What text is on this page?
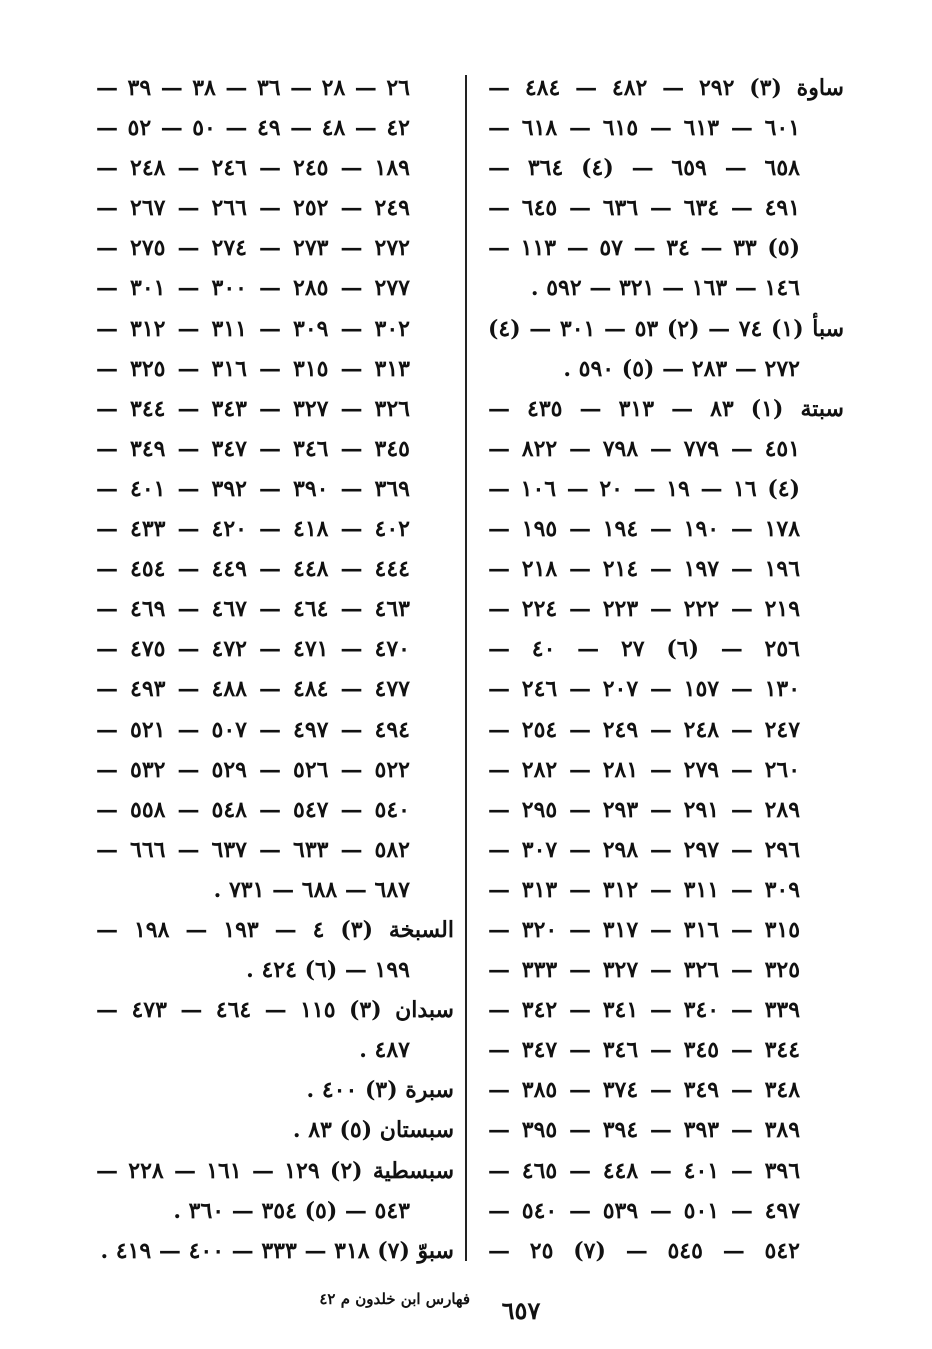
ساوة (٣) ٢٩٢ — ٤٨٢ — ٤٨٤ —
٦٠١ — ٦١٣ — ٦١٥ — ٦١٨ —
٦٥٨ — ٦٥٩ — (٤) ٣٦٤ —
٤٩١ — ٦٣٤ — ٦٣٦ — ٦٤٥ —
(٥) ٣٣ — ٣٤ — ٥٧ — ١١٣ —
١٤٦ — ١٦٣ — ٣٢١ — ٥٩٢ .
سبأ (١) ٧٤ — (٢) ٥٣ — ٣٠١ — (٤)
٢٧٢ — ٢٨٣ — (٥) ٥٩٠ .
سبتة (١) ٨٣ — ٣١٣ — ٤٣٥ —
٤٥١ — ٧٧٩ — ٧٩٨ — ٨٢٢ —
(٤) ١٦ — ١٩ — ٢٠ — ١٠٦ —
١٧٨ — ١٩٠ — ١٩٤ — ١٩٥ —
١٩٦ — ١٩٧ — ٢١٤ — ٢١٨ —
٢١٩ — ٢٢٢ — ٢٢٣ — ٢٢٤ —
٢٥٦ — (٦) ٢٧ — ٤٠ —
١٣٠ — ١٥٧ — ٢٠٧ — ٢٤٦ —
٢٤٧ — ٢٤٨ — ٢٤٩ — ٢٥٤ —
٢٦٠ — ٢٧٩ — ٢٨١ — ٢٨٢ —
٢٨٩ — ٢٩١ — ٢٩٣ — ٢٩٥ —
٢٩٦ — ٢٩٧ — ٢٩٨ — ٣٠٧ —
٣٠٩ — ٣١١ — ٣١٢ — ٣١٣ —
٣١٥ — ٣١٦ — ٣١٧ — ٣٢٠ —
٣٢٥ — ٣٢٦ — ٣٢٧ — ٣٣٣ —
٣٣٩ — ٣٤٠ — ٣٤١ — ٣٤٢ —
٣٤٤ — ٣٤٥ — ٣٤٦ — ٣٤٧ —
٣٤٨ — ٣٤٩ — ٣٧٤ — ٣٨٥ —
٣٨٩ — ٣٩٣ — ٣٩٤ — ٣٩٥ —
٣٩٦ — ٤٠١ — ٤٤٨ — ٤٦٥ —
٤٩٧ — ٥٠١ — ٥٣٩ — ٥٤٠ —
٥٤٢ — ٥٤٥ — (٧) ٢٥ —
٢٦ — ٢٨ — ٣٦ — ٣٨ — ٣٩ —
٤٢ — ٤٨ — ٤٩ — ٥٠ — ٥٢ —
١٨٩ — ٢٤٥ — ٢٤٦ — ٢٤٨ —
٢٤٩ — ٢٥٢ — ٢٦٦ — ٢٦٧ —
٢٧٢ — ٢٧٣ — ٢٧٤ — ٢٧٥ —
٢٧٧ — ٢٨٥ — ٣٠٠ — ٣٠١ —
٣٠٢ — ٣٠٩ — ٣١١ — ٣١٢ —
٣١٣ — ٣١٥ — ٣١٦ — ٣٢٥ —
٣٢٦ — ٣٢٧ — ٣٤٣ — ٣٤٤ —
٣٤٥ — ٣٤٦ — ٣٤٧ — ٣٤٩ —
٣٦٩ — ٣٩٠ — ٣٩٢ — ٤٠١ —
٤٠٢ — ٤١٨ — ٤٢٠ — ٤٣٣ —
٤٤٤ — ٤٤٨ — ٤٤٩ — ٤٥٤ —
٤٦٣ — ٤٦٤ — ٤٦٧ — ٤٦٩ —
٤٧٠ — ٤٧١ — ٤٧٢ — ٤٧٥ —
٤٧٧ — ٤٨٤ — ٤٨٨ — ٤٩٣ —
٤٩٤ — ٤٩٧ — ٥٠٧ — ٥٢١ —
٥٢٢ — ٥٢٦ — ٥٢٩ — ٥٣٢ —
٥٤٠ — ٥٤٧ — ٥٤٨ — ٥٥٨ —
٥٨٢ — ٦٣٣ — ٦٣٧ — ٦٦٦ —
٦٨٧ — ٦٨٨ — ٧٣١ .
السبخة (٣) ٤ — ١٩٣ — ١٩٨ —
١٩٩ — (٦) ٤٢٤ .
سبدان (٣) ١١٥ — ٤٦٤ — ٤٧٣ —
٤٨٧ .
سبرة (٣) ٤٠٠ .
سبستان (٥) ٨٣ .
سبسطية (٢) ١٢٩ — ١٦١ — ٢٢٨ —
٥٤٣ — (٥) ٣٥٤ — ٣٦٠ .
سبوّ (٧) ٣١٨ — ٣٣٣ — ٤٠٠ — ٤١٩ .
فهارس ابن خلدون م ٤٢	٦٥٧
